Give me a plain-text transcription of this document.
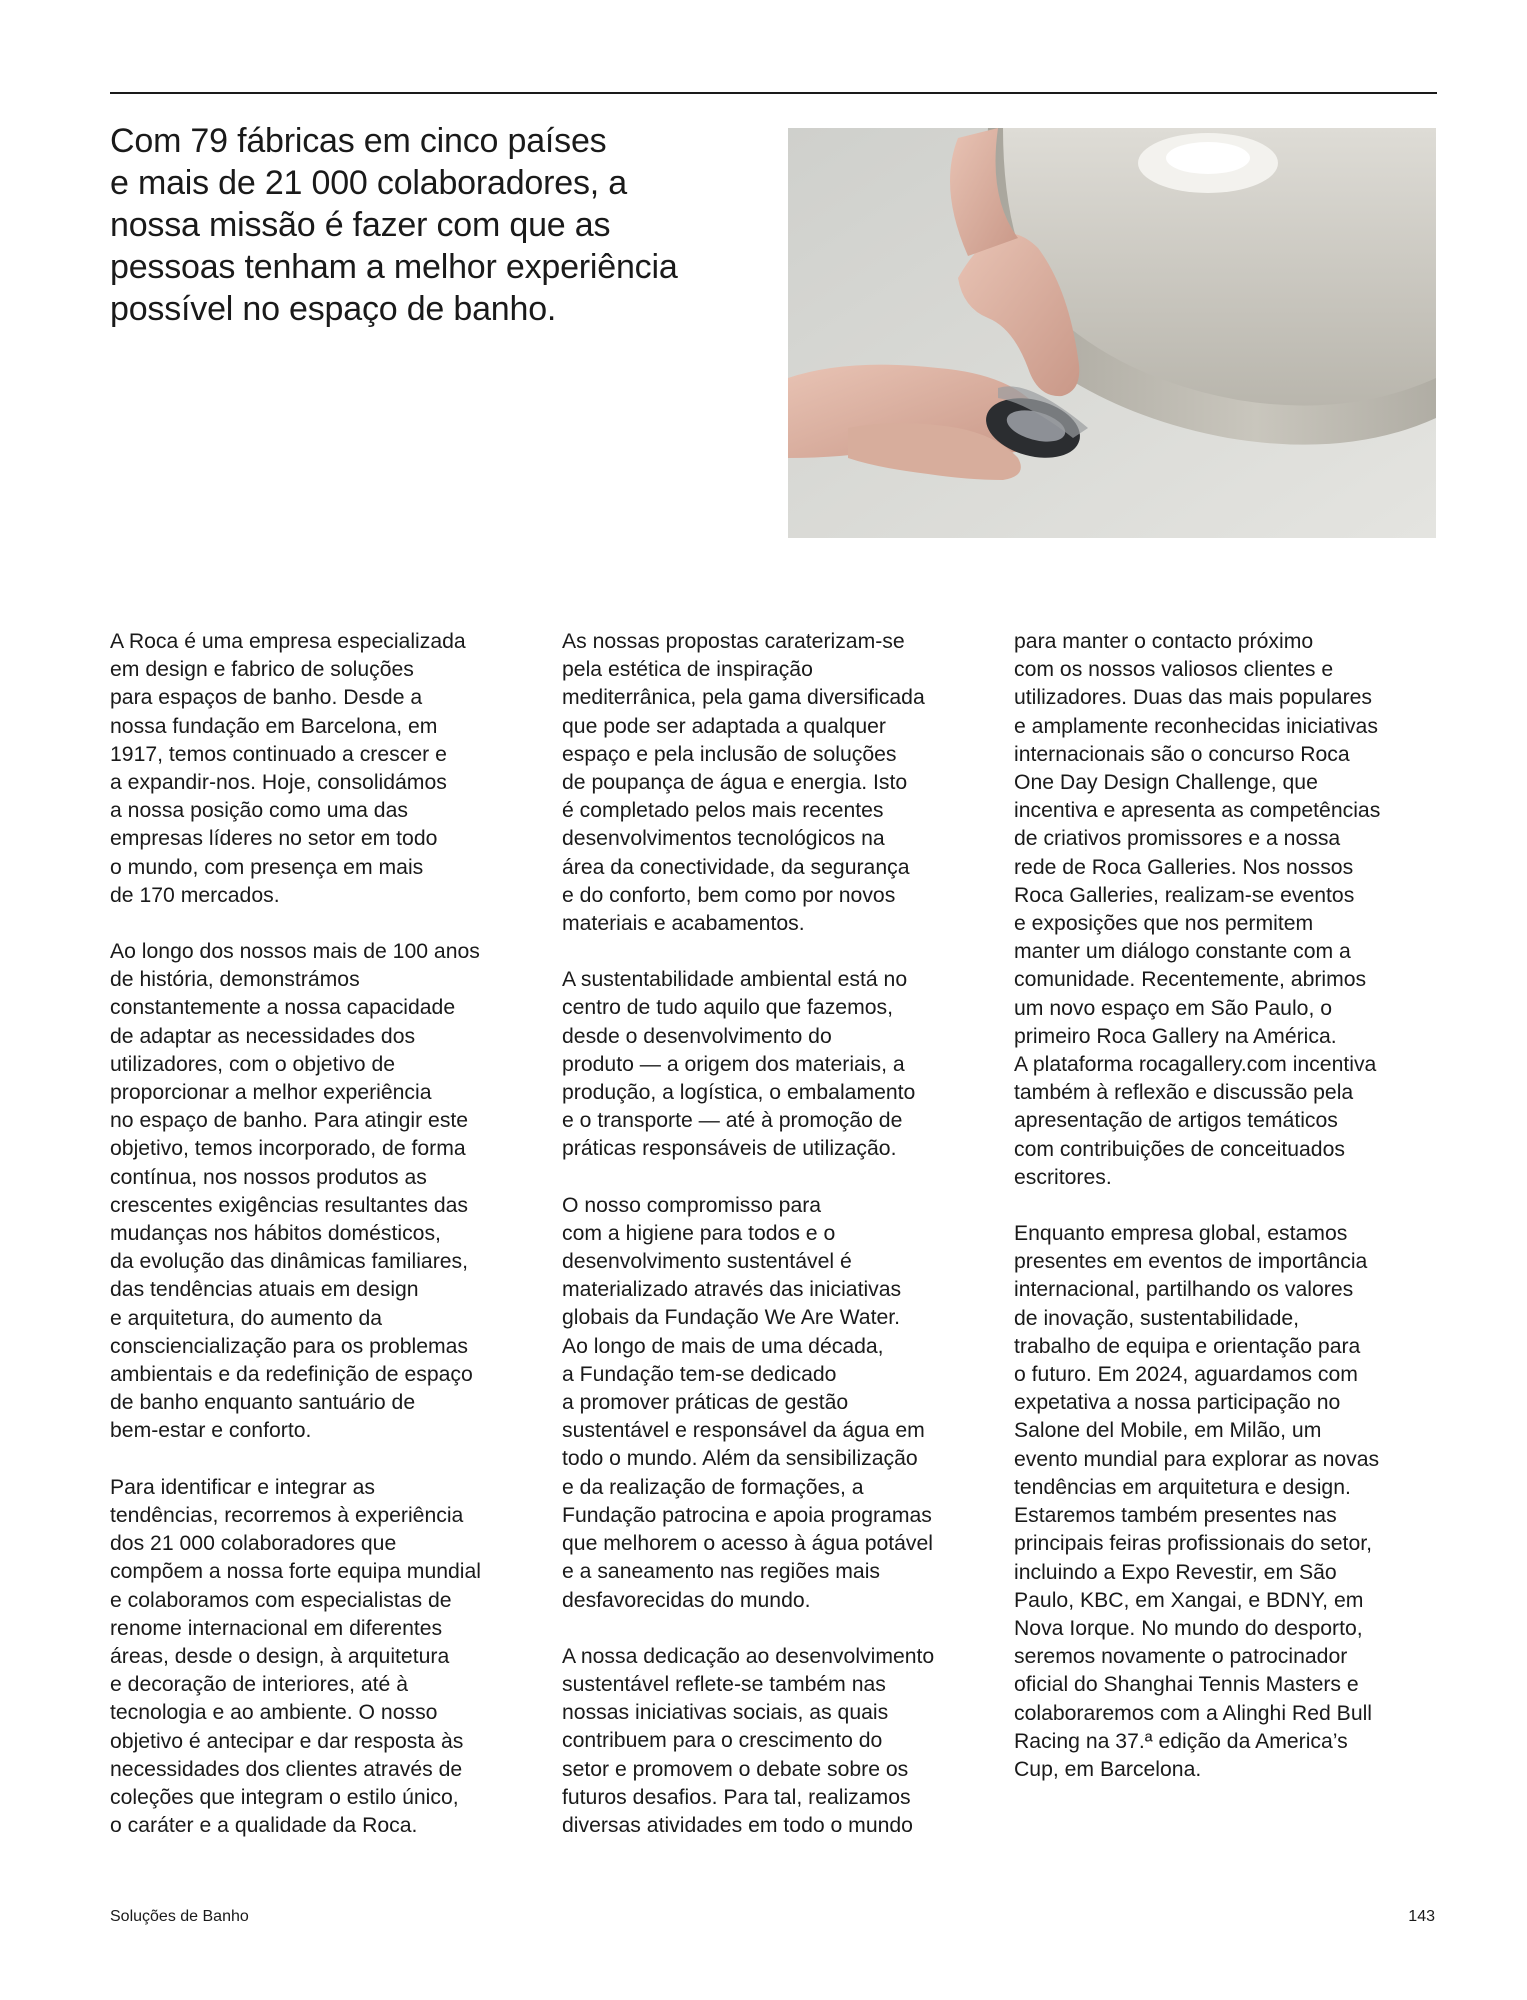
Com 79 fábricas em cinco países
e mais de 21 000 colaboradores, a
nossa missão é fazer com que as
pessoas tenham a melhor experiência
possível no espaço de banho.

A Roca é uma empresa especializada
em design e fabrico de soluções
para espaços de banho. Desde a
nossa fundação em Barcelona, em
1917, temos continuado a crescer e
a expandir-nos. Hoje, consolidámos
a nossa posição como uma das
empresas líderes no setor em todo
o mundo, com presença em mais
de 170 mercados.

Ao longo dos nossos mais de 100 anos
de história, demonstrámos
constantemente a nossa capacidade
de adaptar as necessidades dos
utilizadores, com o objetivo de
proporcionar a melhor experiência
no espaço de banho. Para atingir este
objetivo, temos incorporado, de forma
contínua, nos nossos produtos as
crescentes exigências resultantes das
mudanças nos hábitos domésticos,
da evolução das dinâmicas familiares,
das tendências atuais em design
e arquitetura, do aumento da
consciencialização para os problemas
ambientais e da redefinição de espaço
de banho enquanto santuário de
bem-estar e conforto.

Para identificar e integrar as
tendências, recorremos à experiência
dos 21 000 colaboradores que
compõem a nossa forte equipa mundial
e colaboramos com especialistas de
renome internacional em diferentes
áreas, desde o design, à arquitetura
e decoração de interiores, até à
tecnologia e ao ambiente. O nosso
objetivo é antecipar e dar resposta às
necessidades dos clientes através de
coleções que integram o estilo único,
o caráter e a qualidade da Roca.

As nossas propostas caraterizam-se
pela estética de inspiração
mediterrânica, pela gama diversificada
que pode ser adaptada a qualquer
espaço e pela inclusão de soluções
de poupança de água e energia. Isto
é completado pelos mais recentes
desenvolvimentos tecnológicos na
área da conectividade, da segurança
e do conforto, bem como por novos
materiais e acabamentos.

A sustentabilidade ambiental está no
centro de tudo aquilo que fazemos,
desde o desenvolvimento do
produto — a origem dos materiais, a
produção, a logística, o embalamento
e o transporte — até à promoção de
práticas responsáveis de utilização.

O nosso compromisso para
com a higiene para todos e o
desenvolvimento sustentável é
materializado através das iniciativas
globais da Fundação We Are Water.
Ao longo de mais de uma década,
a Fundação tem-se dedicado
a promover práticas de gestão
sustentável e responsável da água em
todo o mundo. Além da sensibilização
e da realização de formações, a
Fundação patrocina e apoia programas
que melhorem o acesso à água potável
e a saneamento nas regiões mais
desfavorecidas do mundo.

A nossa dedicação ao desenvolvimento
sustentável reflete-se também nas
nossas iniciativas sociais, as quais
contribuem para o crescimento do
setor e promovem o debate sobre os
futuros desafios. Para tal, realizamos
diversas atividades em todo o mundo

para manter o contacto próximo
com os nossos valiosos clientes e
utilizadores. Duas das mais populares
e amplamente reconhecidas iniciativas
internacionais são o concurso Roca
One Day Design Challenge, que
incentiva e apresenta as competências
de criativos promissores e a nossa
rede de Roca Galleries. Nos nossos
Roca Galleries, realizam-se eventos
e exposições que nos permitem
manter um diálogo constante com a
comunidade. Recentemente, abrimos
um novo espaço em São Paulo, o
primeiro Roca Gallery na América.
A plataforma rocagallery.com incentiva
também à reflexão e discussão pela
apresentação de artigos temáticos
com contribuições de conceituados
escritores.

Enquanto empresa global, estamos
presentes em eventos de importância
internacional, partilhando os valores
de inovação, sustentabilidade,
trabalho de equipa e orientação para
o futuro. Em 2024, aguardamos com
expetativa a nossa participação no
Salone del Mobile, em Milão, um
evento mundial para explorar as novas
tendências em arquitetura e design.
Estaremos também presentes nas
principais feiras profissionais do setor,
incluindo a Expo Revestir, em São
Paulo, KBC, em Xangai, e BDNY, em
Nova Iorque. No mundo do desporto,
seremos novamente o patrocinador
oficial do Shanghai Tennis Masters e
colaboraremos com a Alinghi Red Bull
Racing na 37.ª edição da America’s
Cup, em Barcelona.

Soluções de Banho	143
